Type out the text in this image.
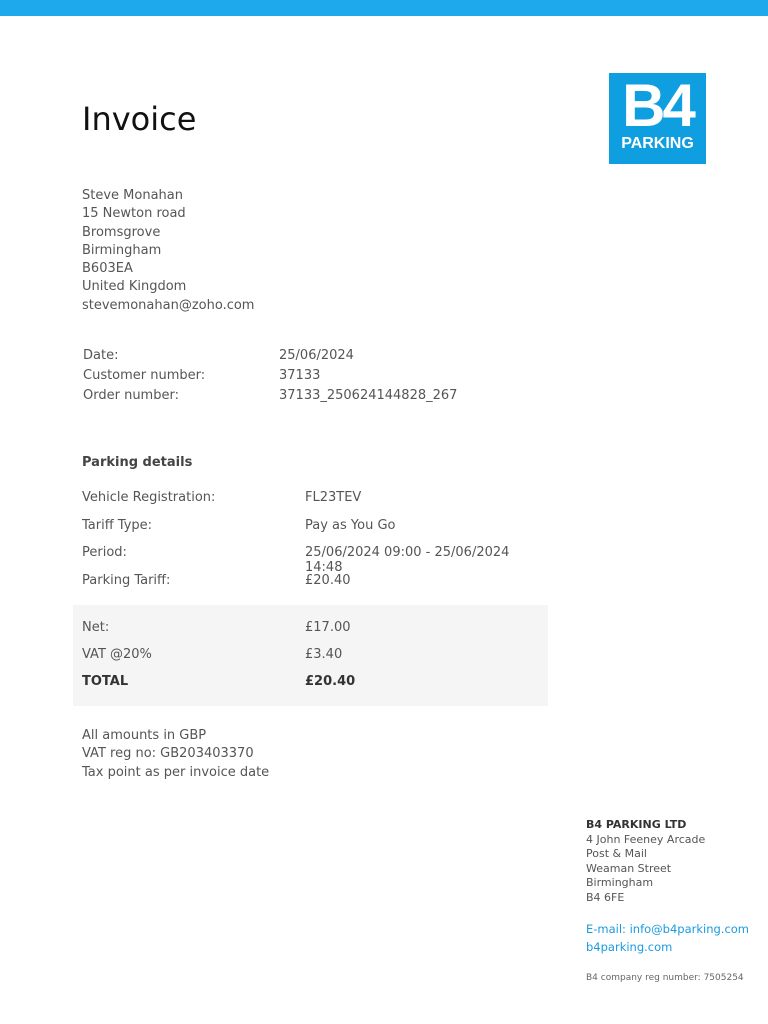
Invoice	B4
PARKING
Steve Monahan
15 Newton road
Bromsgrove
Birmingham
B603EA
United Kingdom
stevemonahan@zoho.com
Date:	25/06/2024
Customer number:	37133
Order number:	37133_250624144828_267
Parking details
Vehicle Registration:	FL23TEV
Tariff Type:	Pay as You Go
Period:	25/06/2024 09:00 - 25/06/2024 14:48
Parking Tariff:	£20.40
Net:	£17.00
VAT @20%	£3.40
TOTAL	£20.40
All amounts in GBP
VAT reg no: GB203403370
Tax point as per invoice date
B4 PARKING LTD
4 John Feeney Arcade
Post & Mail
Weaman Street
Birmingham
B4 6FE
E-mail: info@b4parking.com
b4parking.com
B4 company reg number: 7505254
